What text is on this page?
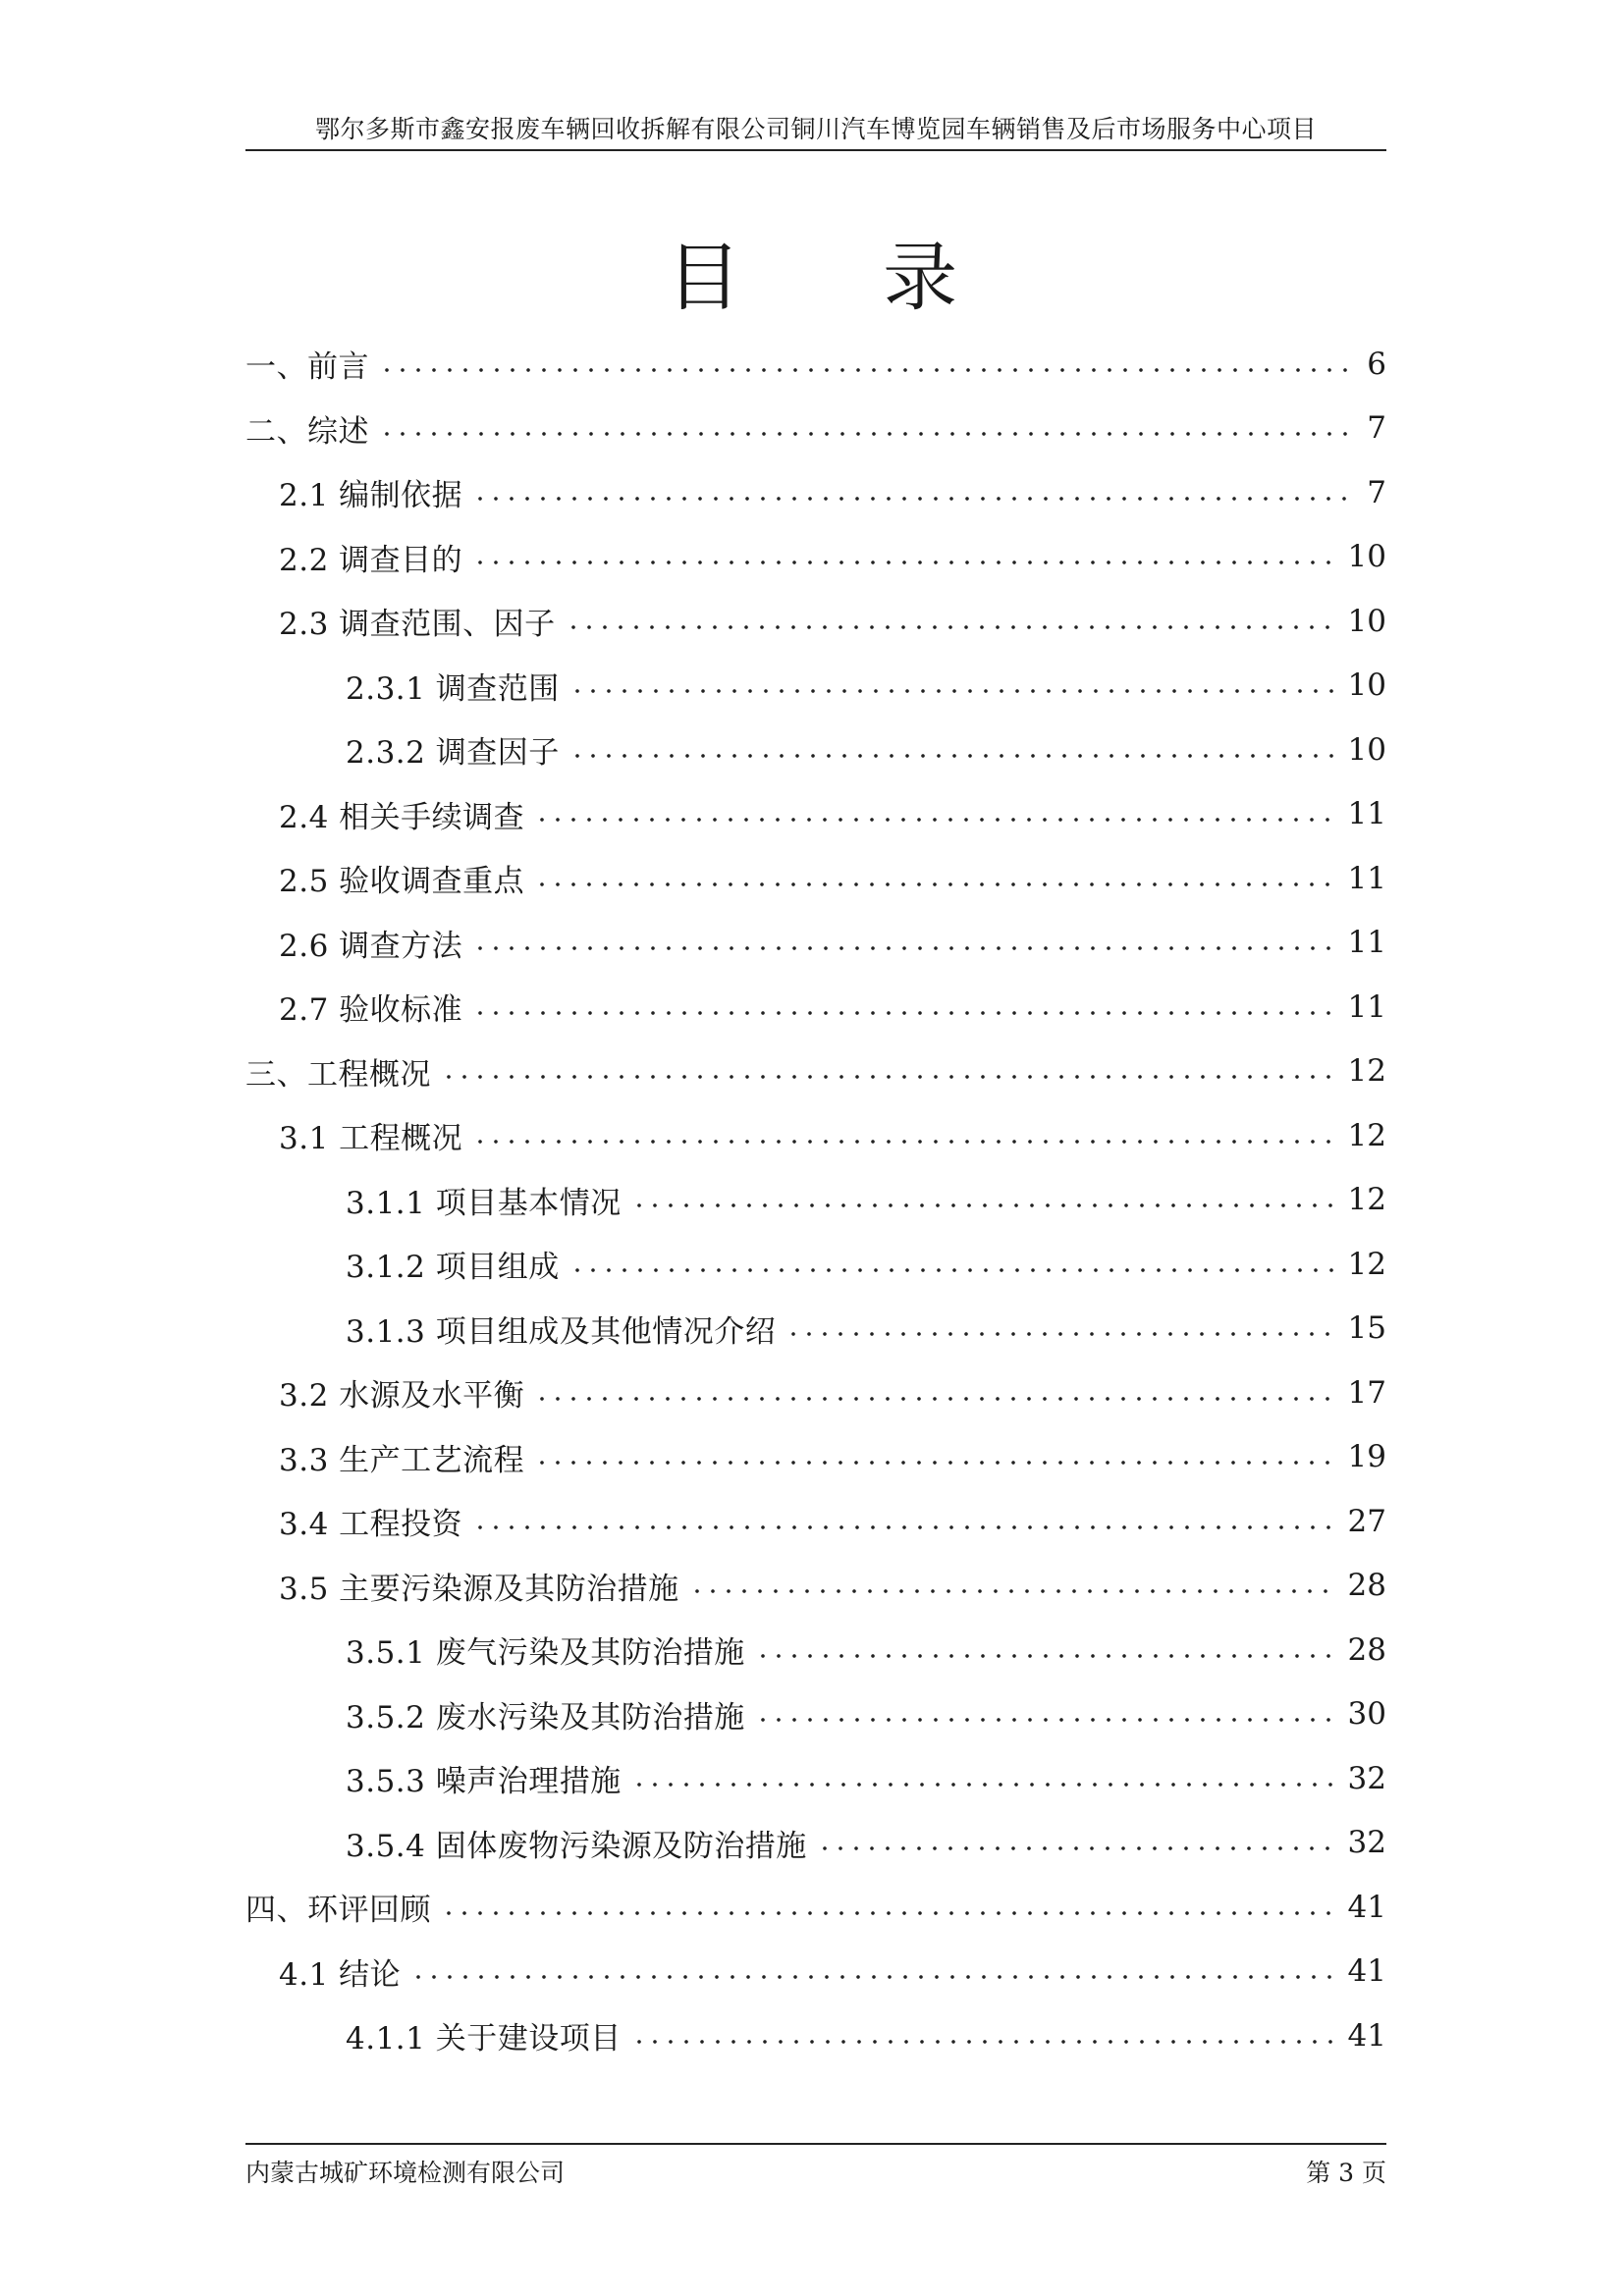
鄂尔多斯市鑫安报废车辆回收拆解有限公司铜川汽车博览园车辆销售及后市场服务中心项目
目 录
一、前言	6
二、综述	7
2.1 编制依据	7
2.2 调查目的	10
2.3 调查范围、因子	10
2.3.1 调查范围	10
2.3.2 调查因子	10
2.4 相关手续调查	11
2.5 验收调查重点	11
2.6 调查方法	11
2.7 验收标准	11
三、工程概况	12
3.1 工程概况	12
3.1.1 项目基本情况	12
3.1.2 项目组成	12
3.1.3 项目组成及其他情况介绍	15
3.2 水源及水平衡	17
3.3 生产工艺流程	19
3.4 工程投资	27
3.5 主要污染源及其防治措施	28
3.5.1 废气污染及其防治措施	28
3.5.2 废水污染及其防治措施	30
3.5.3 噪声治理措施	32
3.5.4 固体废物污染源及防治措施	32
四、环评回顾	41
4.1 结论	41
4.1.1 关于建设项目	41
内蒙古城矿环境检测有限公司	第 3 页
